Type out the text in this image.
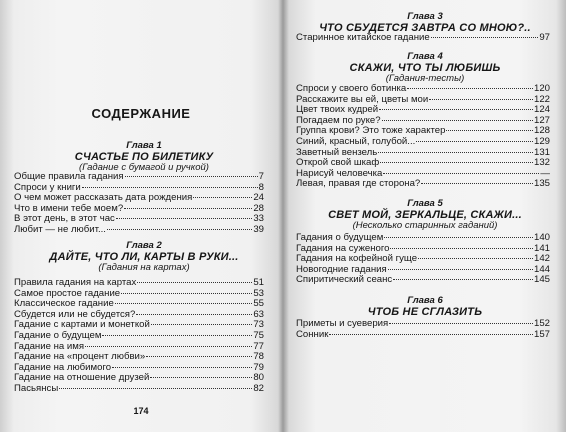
СОДЕРЖАНИЕ
Глава 1
СЧАСТЬЕ ПО БИЛЕТИКУ
(Гадание с бумагой и ручкой)
Общие правила гадания	7
Спроси у книги	8
О чем может рассказать дата рождения	24
Что в имени тебе моем?	28
В этот день, в этот час	33
Любит — не любит...	39
Глава 2
ДАЙТЕ, ЧТО ЛИ, КАРТЫ В РУКИ...
(Гадания на картах)
Правила гадания на картах	51
Самое простое гадание	53
Классическое гадание	55
Сбудется или не сбудется?	63
Гадание с картами и монеткой	73
Гадание о будущем	75
Гадание на имя	77
Гадание на «процент любви»	78
Гадание на любимого	79
Гадание на отношение друзей	80
Пасьянсы	82
174
Глава 3
ЧТО СБУДЕТСЯ ЗАВТРА СО МНОЮ?..
Старинное китайское гадание	97
Глава 4
СКАЖИ, ЧТО ТЫ ЛЮБИШЬ
(Гадания-тесты)
Спроси у своего ботинка	120
Расскажите вы ей, цветы мои	122
Цвет твоих кудрей	124
Погадаем по руке?	127
Группа крови? Это тоже характер	128
Синий, красный, голубой...	129
Заветный вензель	131
Открой свой шкаф	132
Нарисуй человечка	—
Левая, правая где сторона?	135
Глава 5
СВЕТ МОЙ, ЗЕРКАЛЬЦЕ, СКАЖИ...
(Несколько старинных гаданий)
Гадания о будущем	140
Гадания на суженого	141
Гадания на кофейной гуще	142
Новогодние гадания	144
Спиритический сеанс	145
Глава 6
ЧТОБ НЕ СГЛАЗИТЬ
Приметы и суеверия	152
Сонник	157
